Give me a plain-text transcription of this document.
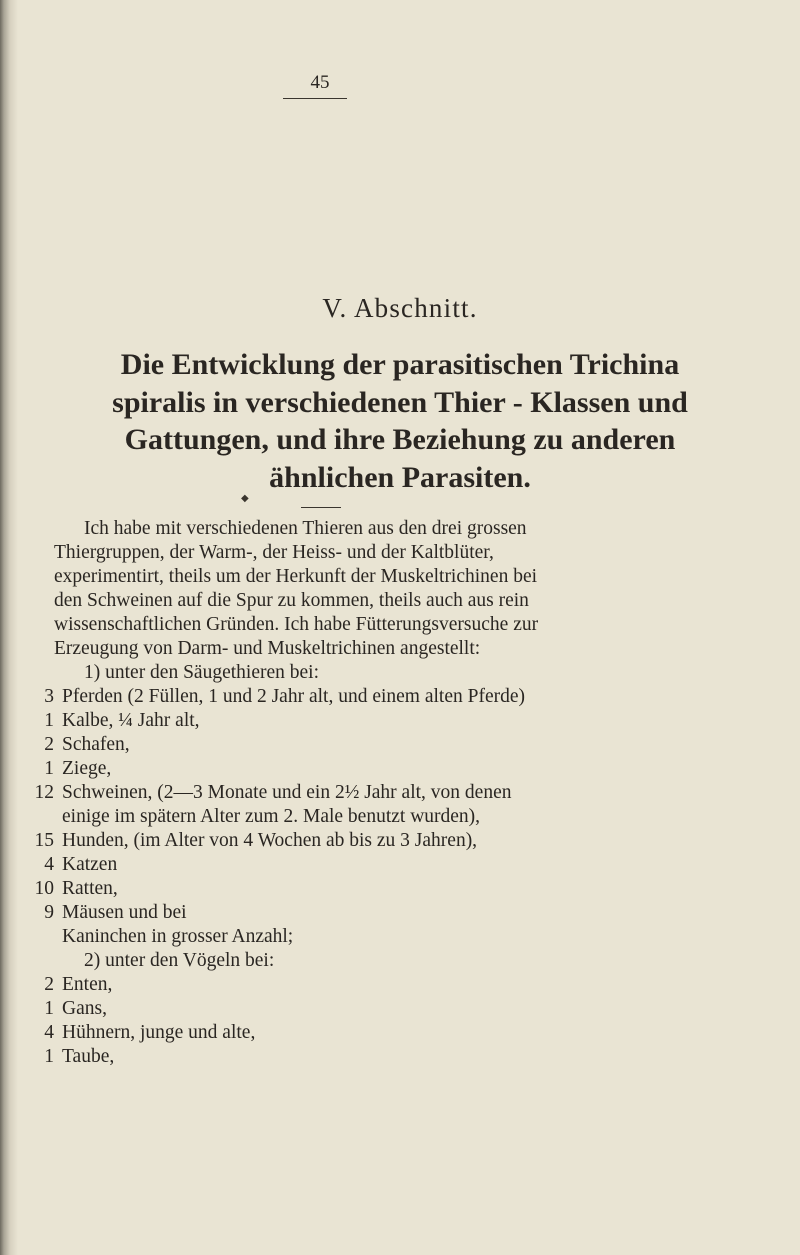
45
V. Abschnitt.
Die Entwicklung der parasitischen Trichina
spiralis in verschiedenen Thier - Klassen und
Gattungen, und ihre Beziehung zu anderen
ähnlichen Parasiten.
◆
Ich habe mit verschiedenen Thieren aus den drei grossen
Thiergruppen, der Warm-, der Heiss- und der Kaltblüter,
experimentirt, theils um der Herkunft der Muskeltrichinen bei
den Schweinen auf die Spur zu kommen, theils auch aus rein
wissenschaftlichen Gründen. Ich habe Fütterungsversuche zur
Erzeugung von Darm- und Muskeltrichinen angestellt:
1) unter den Säugethieren bei:
3 Pferden (2 Füllen, 1 und 2 Jahr alt, und einem alten Pferde)
1 Kalbe, ¼ Jahr alt,
2 Schafen,
1 Ziege,
12 Schweinen, (2—3 Monate und ein 2½ Jahr alt, von denen
einige im spätern Alter zum 2. Male benutzt wurden),
15 Hunden, (im Alter von 4 Wochen ab bis zu 3 Jahren),
4 Katzen
10 Ratten,
9 Mäusen und bei
Kaninchen in grosser Anzahl;
2) unter den Vögeln bei:
2 Enten,
1 Gans,
4 Hühnern, junge und alte,
1 Taube,
